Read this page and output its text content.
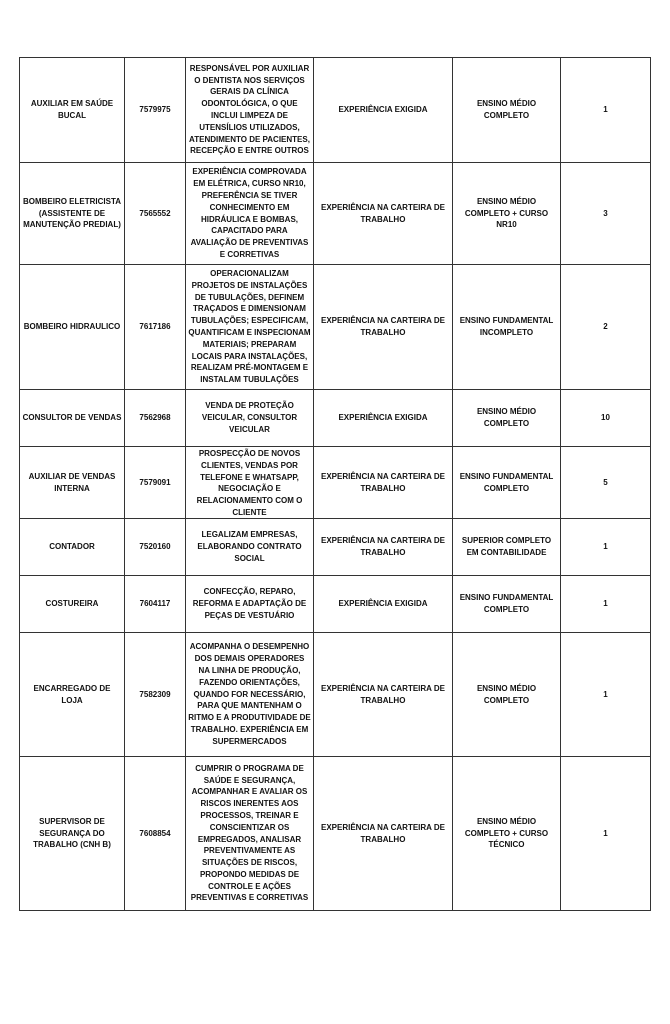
AUXILIAR EM SAÚDE BUCAL	7579975	RESPONSÁVEL POR AUXILIAR O DENTISTA NOS SERVIÇOS GERAIS DA CLÍNICA ODONTOLÓGICA, O QUE INCLUI LIMPEZA DE UTENSÍLIOS UTILIZADOS, ATENDIMENTO DE PACIENTES, RECEPÇÃO E ENTRE OUTROS	EXPERIÊNCIA EXIGIDA	ENSINO MÉDIO COMPLETO	1
BOMBEIRO ELETRICISTA (ASSISTENTE DE MANUTENÇÃO PREDIAL)	7565552	EXPERIÊNCIA COMPROVADA EM ELÉTRICA, CURSO NR10, PREFERÊNCIA SE TIVER CONHECIMENTO EM HIDRÁULICA E BOMBAS, CAPACITADO PARA AVALIAÇÃO DE PREVENTIVAS E CORRETIVAS	EXPERIÊNCIA NA CARTEIRA DE TRABALHO	ENSINO MÉDIO COMPLETO + CURSO NR10	3
BOMBEIRO HIDRAULICO	7617186	OPERACIONALIZAM PROJETOS DE INSTALAÇÕES DE TUBULAÇÕES, DEFINEM TRAÇADOS E DIMENSIONAM TUBULAÇÕES; ESPECIFICAM, QUANTIFICAM E INSPECIONAM MATERIAIS; PREPARAM LOCAIS PARA INSTALAÇÕES, REALIZAM PRÉ-MONTAGEM E INSTALAM TUBULAÇÕES	EXPERIÊNCIA NA CARTEIRA DE TRABALHO	ENSINO FUNDAMENTAL INCOMPLETO	2
CONSULTOR DE VENDAS	7562968	VENDA DE PROTEÇÃO VEICULAR, CONSULTOR VEICULAR	EXPERIÊNCIA EXIGIDA	ENSINO MÉDIO COMPLETO	10
AUXILIAR DE VENDAS INTERNA	7579091	PROSPECÇÃO DE NOVOS CLIENTES, VENDAS POR TELEFONE E WHATSAPP, NEGOCIAÇÃO E RELACIONAMENTO COM O CLIENTE	EXPERIÊNCIA NA CARTEIRA DE TRABALHO	ENSINO FUNDAMENTAL COMPLETO	5
CONTADOR	7520160	LEGALIZAM EMPRESAS, ELABORANDO CONTRATO SOCIAL	EXPERIÊNCIA NA CARTEIRA DE TRABALHO	SUPERIOR COMPLETO EM CONTABILIDADE	1
COSTUREIRA	7604117	CONFECÇÃO, REPARO, REFORMA E ADAPTAÇÃO DE PEÇAS DE VESTUÁRIO	EXPERIÊNCIA EXIGIDA	ENSINO FUNDAMENTAL COMPLETO	1
ENCARREGADO DE LOJA	7582309	ACOMPANHA O DESEMPENHO DOS DEMAIS OPERADORES NA LINHA DE PRODUÇÃO, FAZENDO ORIENTAÇÕES, QUANDO FOR NECESSÁRIO, PARA QUE MANTENHAM O RITMO E A PRODUTIVIDADE DE TRABALHO. EXPERIÊNCIA EM SUPERMERCADOS	EXPERIÊNCIA NA CARTEIRA DE TRABALHO	ENSINO MÉDIO COMPLETO	1
SUPERVISOR DE SEGURANÇA DO TRABALHO (CNH B)	7608854	CUMPRIR O PROGRAMA DE SAÚDE E SEGURANÇA, ACOMPANHAR E AVALIAR OS RISCOS INERENTES AOS PROCESSOS, TREINAR E CONSCIENTIZAR OS EMPREGADOS, ANALISAR PREVENTIVAMENTE AS SITUAÇÕES DE RISCOS, PROPONDO MEDIDAS DE CONTROLE E AÇÕES PREVENTIVAS E CORRETIVAS	EXPERIÊNCIA NA CARTEIRA DE TRABALHO	ENSINO MÉDIO COMPLETO + CURSO TÉCNICO	1
